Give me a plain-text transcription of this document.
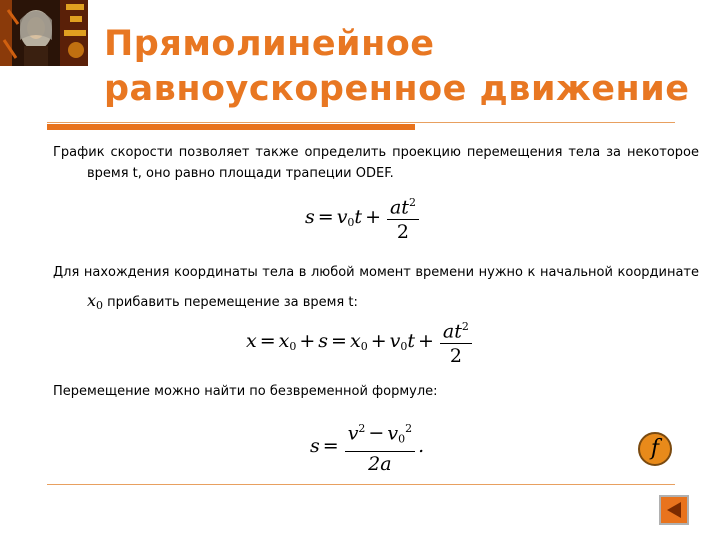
Прямолинейное
равноускоренное движение
График скорости позволяет также определить проекцию перемещения тела за некоторое время t, оно равно площади трапеции ODEF.
$s = v_0t + \frac{at^2}{2}$
Для нахождения координаты тела в любой момент времени нужно к начальной координате $x_0$ прибавить перемещение за время t:
$x = x_0 + s = x_0 + v_0t + \frac{at^2}{2}$
Перемещение можно найти по безвременной формуле:
$s = \frac{v^2 - v_0^2}{2a}$ .	f
